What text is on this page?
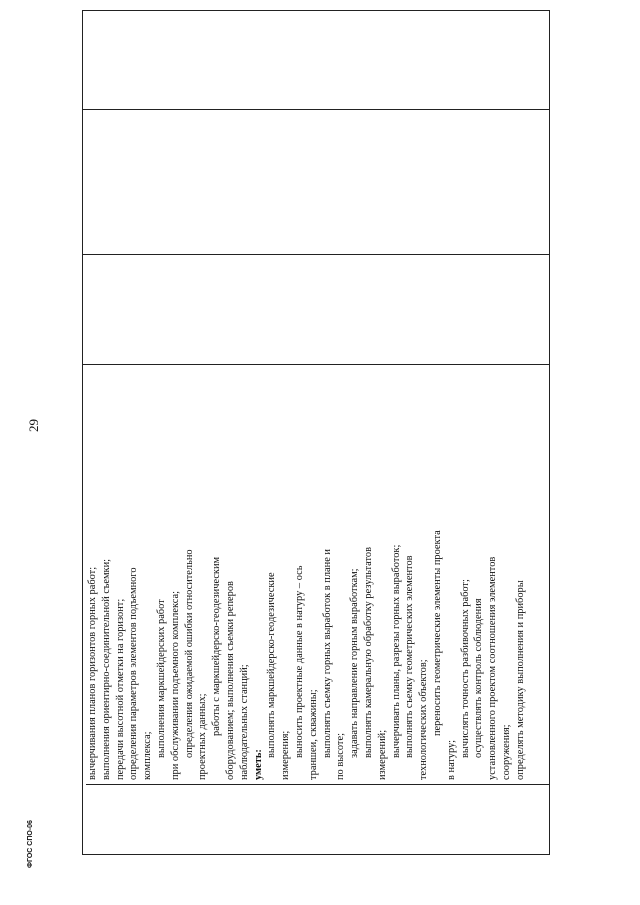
29
вычерчивания планов горизонтов горных работ; выполнения ориентирно-соединительной съемки; передачи высотной отметки на горизонт; определения параметров элементов подъемного комплекса; выполнения маркшейдерских работ при обслуживании подъемного комплекса; определения ожидаемой ошибки относительно проектных данных;
работы с маркшейдерско-геодезическим оборудованием; выполнения съемки реперов наблюдательных станций; уметь:
выполнять маркшейдерско-геодезические измерения; выносить проектные данные в натуру – ось траншеи, скважины; выполнять съемку горных выработок в плане и по высоте; задавать направление горным выработкам; выполнять камеральную обработку результатов измерений; вычерчивать планы, разрезы горных выработок; выполнять съемку геометрических элементов технологических объектов; переносить геометрические элементы проекта
в натуру;
вычислять точность разбивочных работ; осуществлять контроль соблюдения установленного проектом соотношения элементов сооружения; определять методику выполнения и приборы
ФГОС СПО-06
